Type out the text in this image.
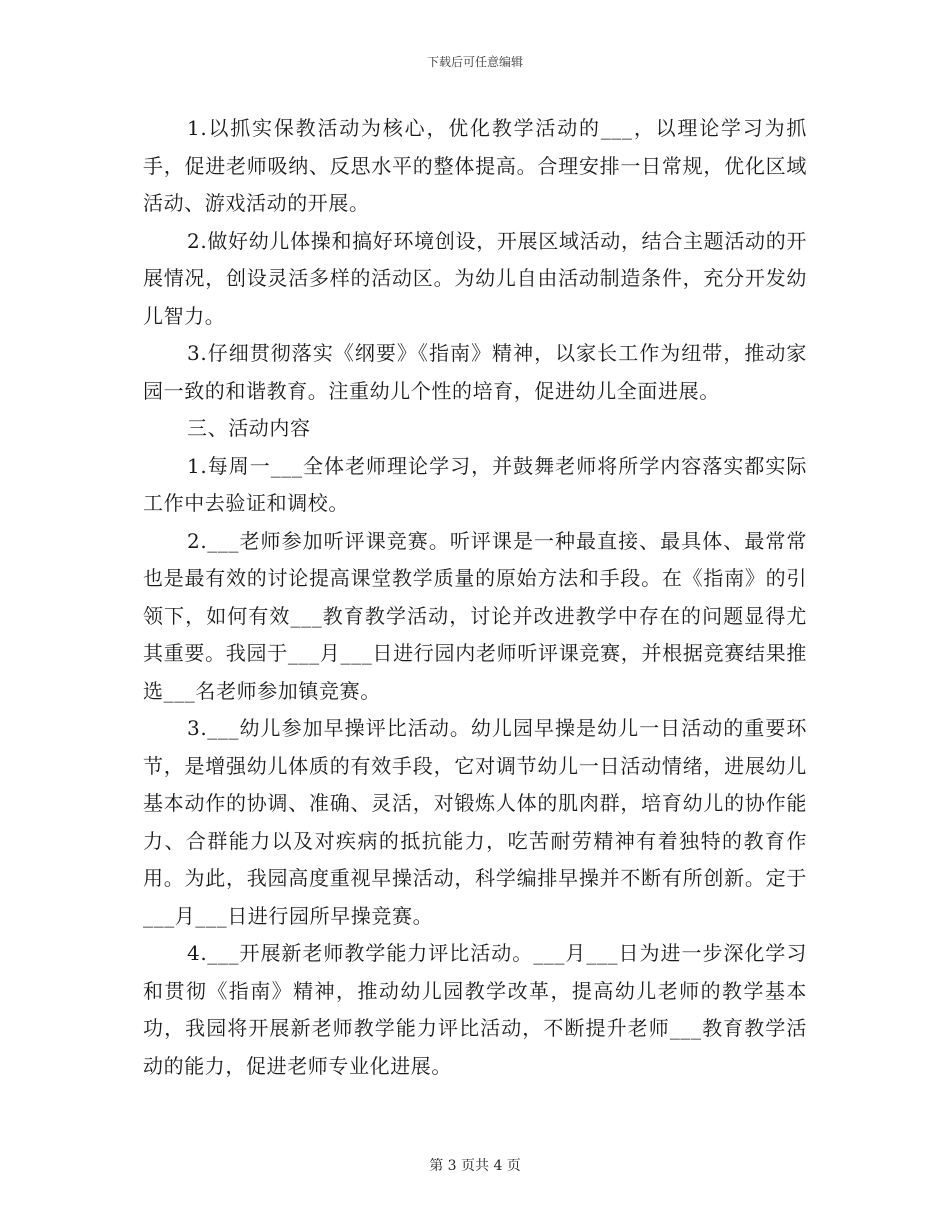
下载后可任意编辑

1.以抓实保教活动为核心，优化教学活动的___，以理论学习为抓手，促进老师吸纳、反思水平的整体提高。合理安排一日常规，优化区域活动、游戏活动的开展。

2.做好幼儿体操和搞好环境创设，开展区域活动，结合主题活动的开展情况，创设灵活多样的活动区。为幼儿自由活动制造条件，充分开发幼儿智力。

3.仔细贯彻落实《纲要》《指南》精神，以家长工作为纽带，推动家园一致的和谐教育。注重幼儿个性的培育，促进幼儿全面进展。

三、活动内容

1.每周一___全体老师理论学习，并鼓舞老师将所学内容落实都实际工作中去验证和调校。

2.___老师参加听评课竞赛。听评课是一种最直接、最具体、最常常也是最有效的讨论提高课堂教学质量的原始方法和手段。在《指南》的引领下，如何有效___教育教学活动，讨论并改进教学中存在的问题显得尤其重要。我园于___月___日进行园内老师听评课竞赛，并根据竞赛结果推选___名老师参加镇竞赛。

3.___幼儿参加早操评比活动。幼儿园早操是幼儿一日活动的重要环节，是增强幼儿体质的有效手段，它对调节幼儿一日活动情绪，进展幼儿基本动作的协调、准确、灵活，对锻炼人体的肌肉群，培育幼儿的协作能力、合群能力以及对疾病的抵抗能力，吃苦耐劳精神有着独特的教育作用。为此，我园高度重视早操活动，科学编排早操并不断有所创新。定于___月___日进行园所早操竞赛。

4.___开展新老师教学能力评比活动。___月___日为进一步深化学习和贯彻《指南》精神，推动幼儿园教学改革，提高幼儿老师的教学基本功，我园将开展新老师教学能力评比活动，不断提升老师___教育教学活动的能力，促进老师专业化进展。

第 3 页共 4 页
